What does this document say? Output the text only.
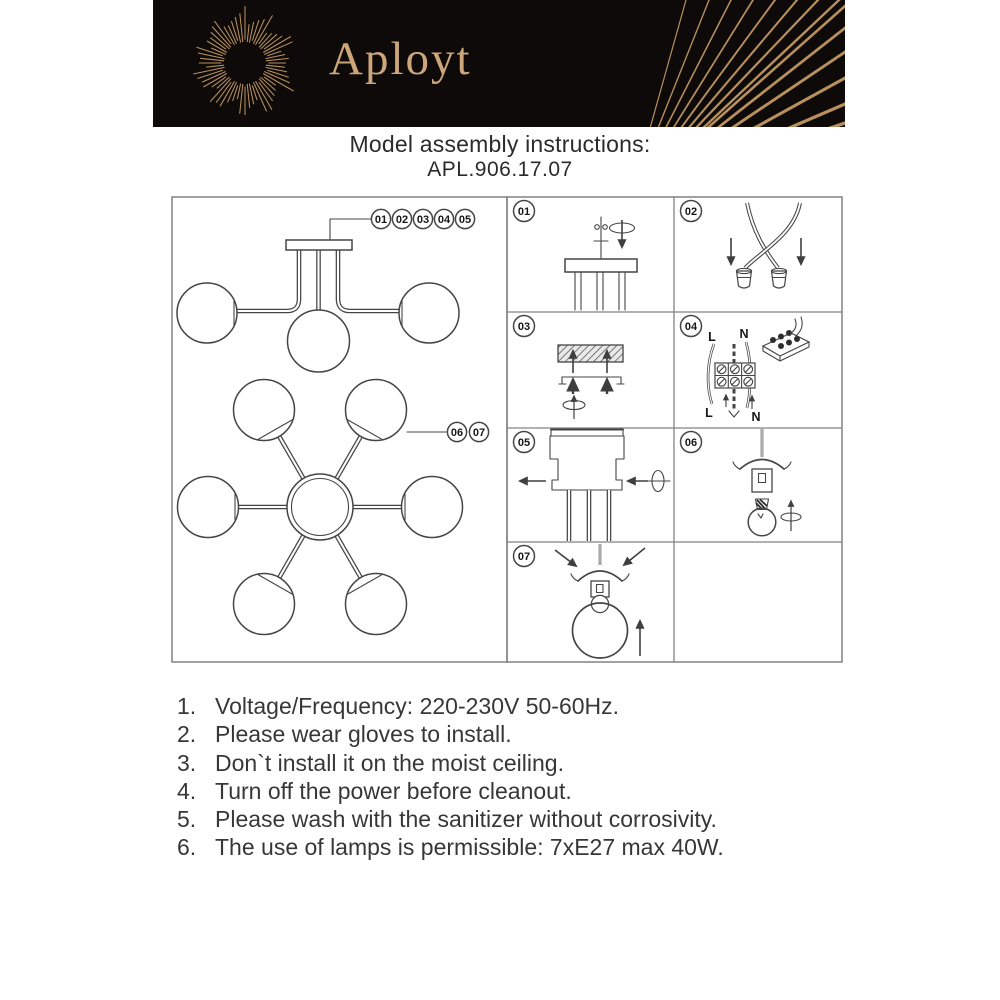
Aployt
Model assembly instructions:
APL.906.17.07
01 02 03 04 05
06 07
L N
L	N
01	02
03	04
05	06
07
1. Voltage/Frequency: 220-230V 50-60Hz.
2. Please wear gloves to install.
3. Don`t install it on the moist ceiling.
4. Turn off the power before cleanout.
5. Please wash with the sanitizer without corrosivity.
6. The use of lamps is permissible: 7xE27 max 40W.
